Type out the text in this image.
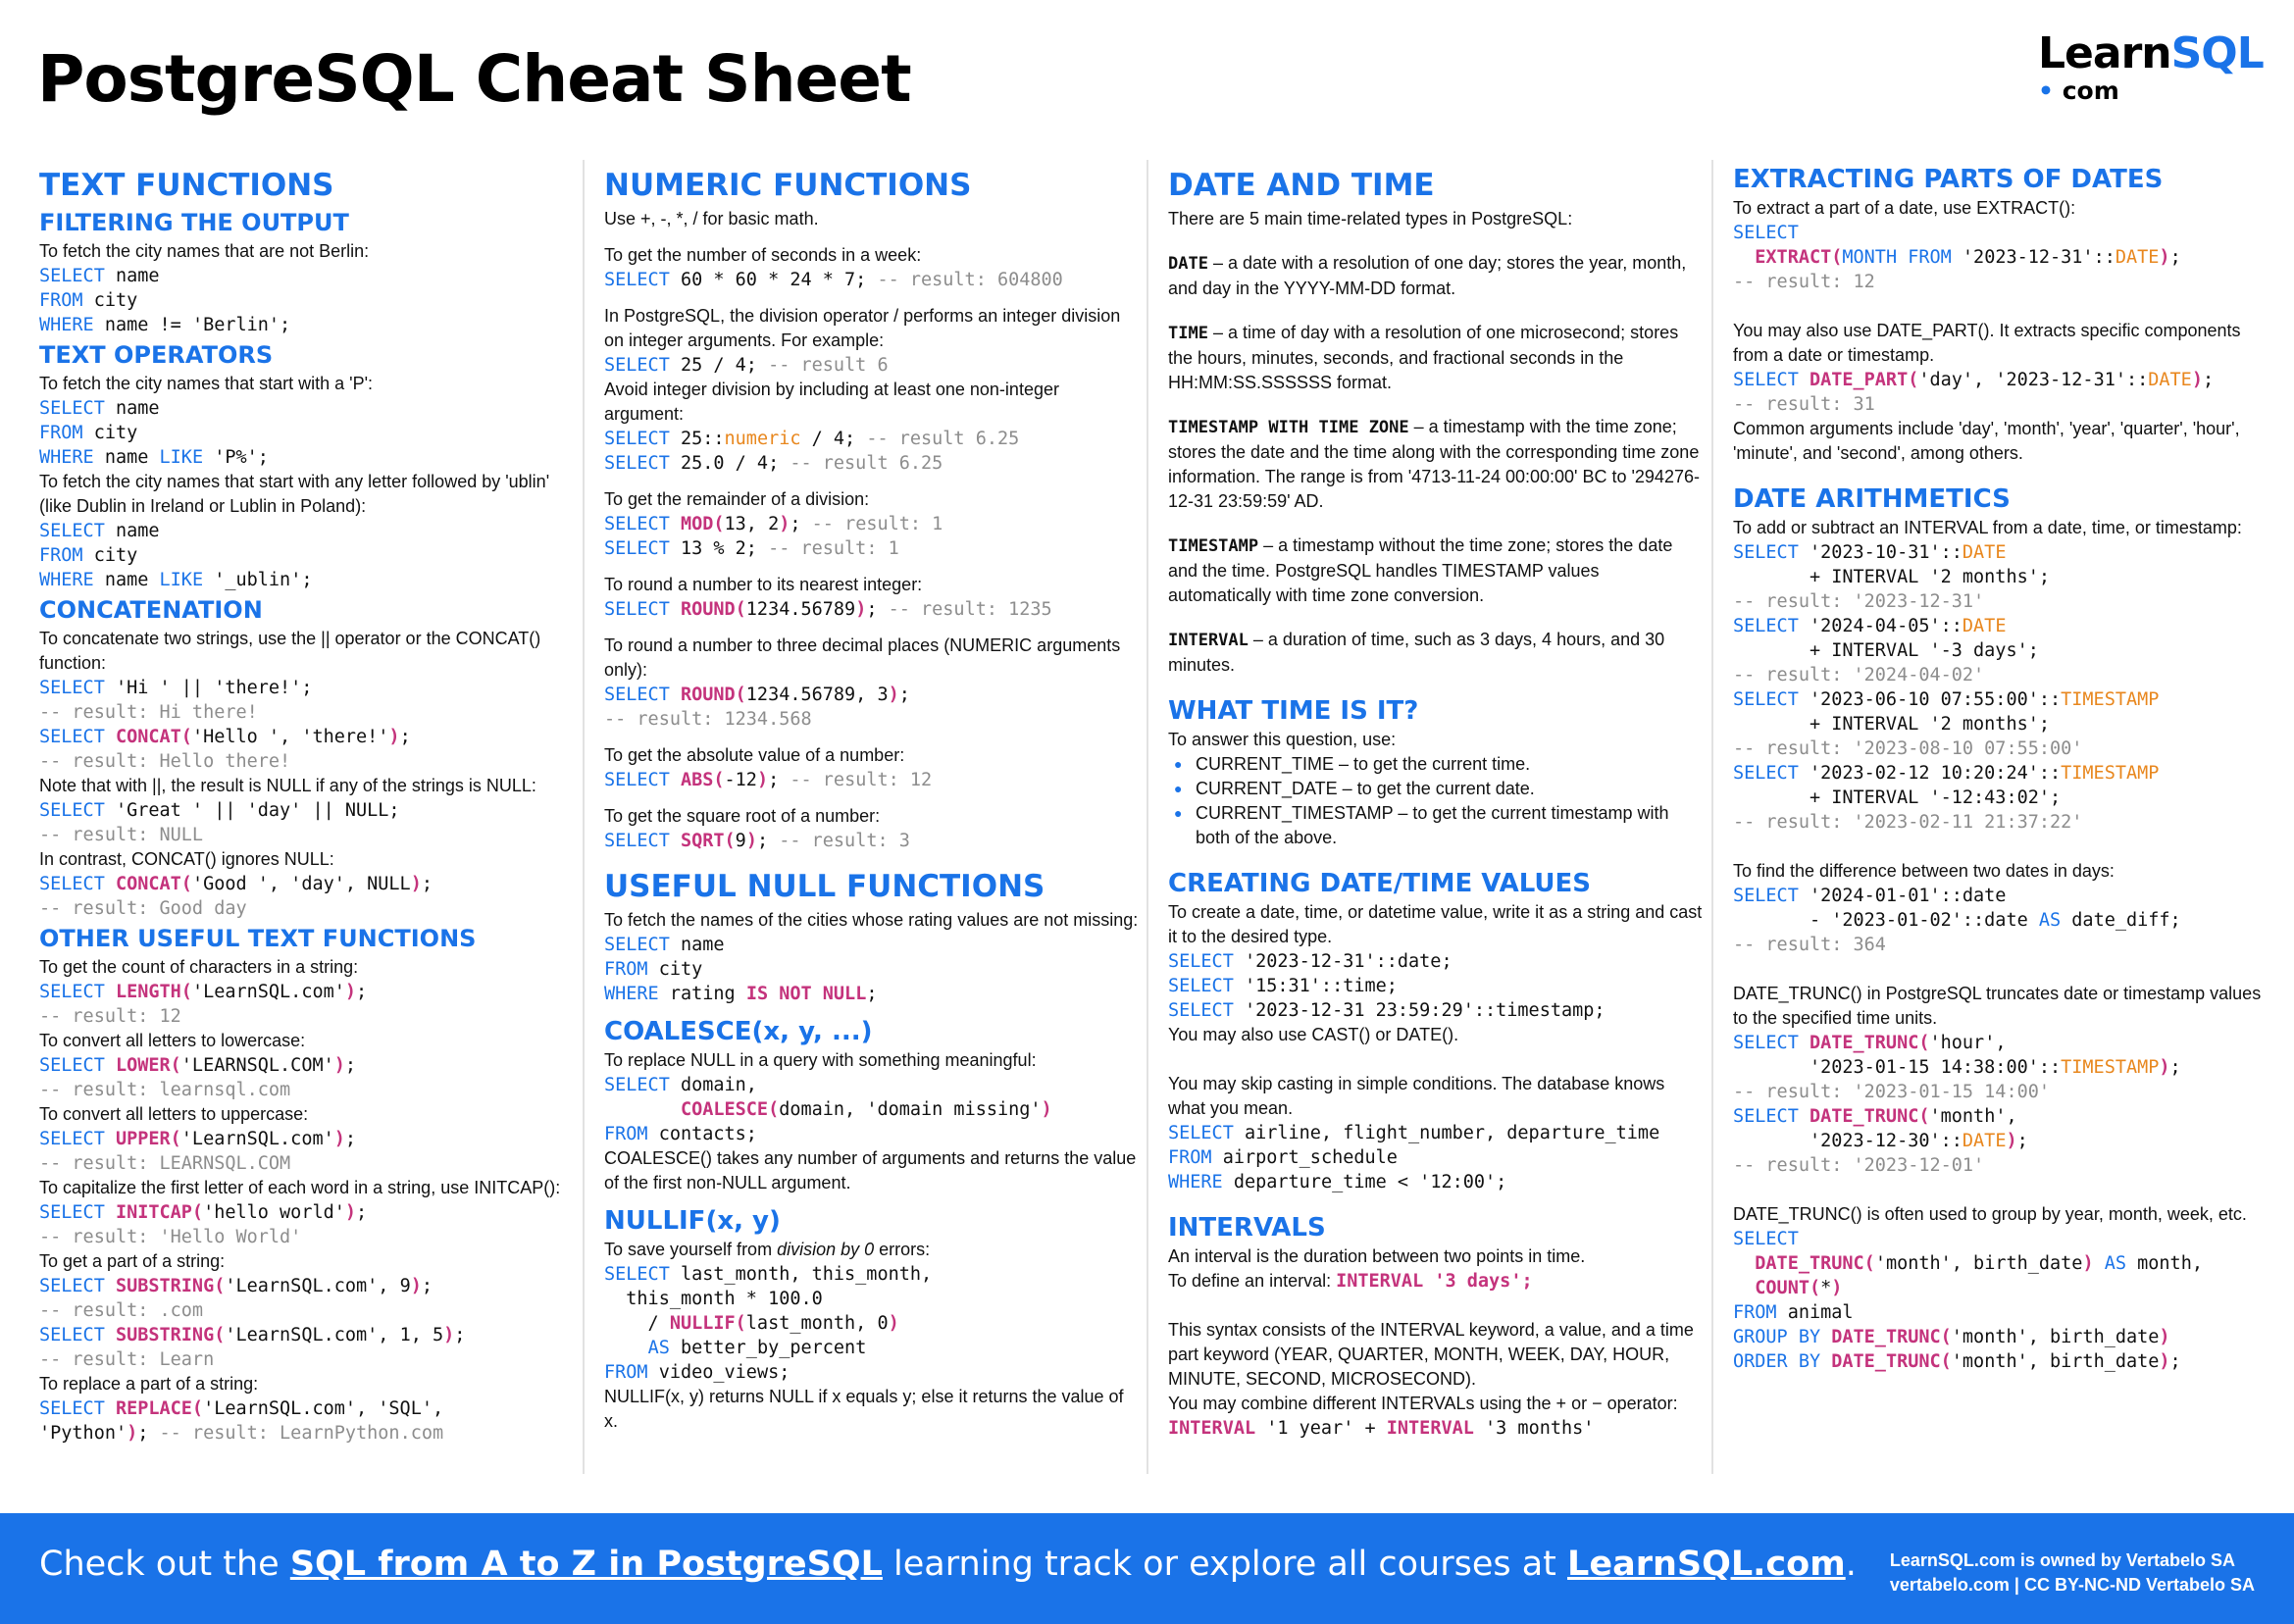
PostgreSQL Cheat Sheet	LearnSQL
• com
TEXT FUNCTIONS
FILTERING THE OUTPUT
To fetch the city names that are not Berlin:
SELECT name
FROM city
WHERE name != 'Berlin';
TEXT OPERATORS
To fetch the city names that start with a 'P':
SELECT name
FROM city
WHERE name LIKE 'P%';
To fetch the city names that start with any letter followed by 'ublin' (like Dublin in Ireland or Lublin in Poland):
SELECT name
FROM city
WHERE name LIKE '_ublin';
CONCATENATION
To concatenate two strings, use the || operator or the CONCAT() function:
SELECT 'Hi ' || 'there!';
-- result: Hi there!
SELECT CONCAT('Hello ', 'there!');
-- result: Hello there!
Note that with ||, the result is NULL if any of the strings is NULL:
SELECT 'Great ' || 'day' || NULL;
-- result: NULL
In contrast, CONCAT() ignores NULL:
SELECT CONCAT('Good ', 'day', NULL);
-- result: Good day
OTHER USEFUL TEXT FUNCTIONS
To get the count of characters in a string:
SELECT LENGTH('LearnSQL.com');
-- result: 12
To convert all letters to lowercase:
SELECT LOWER('LEARNSQL.COM');
-- result: learnsql.com
To convert all letters to uppercase:
SELECT UPPER('LearnSQL.com');
-- result: LEARNSQL.COM
To capitalize the first letter of each word in a string, use INITCAP():
SELECT INITCAP('hello world');
-- result: 'Hello World'
To get a part of a string:
SELECT SUBSTRING('LearnSQL.com', 9);
-- result: .com
SELECT SUBSTRING('LearnSQL.com', 1, 5);
-- result: Learn
To replace a part of a string:
SELECT REPLACE('LearnSQL.com', 'SQL',
'Python'); -- result: LearnPython.com
NUMERIC FUNCTIONS
Use +, -, *, / for basic math.
To get the number of seconds in a week:
SELECT 60 * 60 * 24 * 7; -- result: 604800
In PostgreSQL, the division operator / performs an integer division on integer arguments. For example:
SELECT 25 / 4; -- result 6
Avoid integer division by including at least one non-integer argument:
SELECT 25::numeric / 4; -- result 6.25
SELECT 25.0 / 4; -- result 6.25
To get the remainder of a division:
SELECT MOD(13, 2); -- result: 1
SELECT 13 % 2; -- result: 1
To round a number to its nearest integer:
SELECT ROUND(1234.56789); -- result: 1235
To round a number to three decimal places (NUMERIC arguments only):
SELECT ROUND(1234.56789, 3);
-- result: 1234.568
To get the absolute value of a number:
SELECT ABS(-12); -- result: 12
To get the square root of a number:
SELECT SQRT(9); -- result: 3
USEFUL NULL FUNCTIONS
To fetch the names of the cities whose rating values are not missing:
SELECT name
FROM city
WHERE rating IS NOT NULL;
COALESCE(x, y, ...)
To replace NULL in a query with something meaningful:
SELECT domain,
COALESCE(domain, 'domain missing')
FROM contacts;
COALESCE() takes any number of arguments and returns the value of the first non-NULL argument.
NULLIF(x, y)
To save yourself from division by 0 errors:
SELECT last_month, this_month,
this_month * 100.0
/ NULLIF(last_month, 0)
AS better_by_percent
FROM video_views;
NULLIF(x, y) returns NULL if x equals y; else it returns the value of x.
DATE AND TIME
There are 5 main time-related types in PostgreSQL:
DATE – a date with a resolution of one day; stores the year, month, and day in the YYYY-MM-DD format.
TIME – a time of day with a resolution of one microsecond; stores the hours, minutes, seconds, and fractional seconds in the HH:MM:SS.SSSSSS format.
TIMESTAMP WITH TIME ZONE – a timestamp with the time zone; stores the date and the time along with the corresponding time zone information. The range is from '4713-11-24 00:00:00' BC to '294276-12-31 23:59:59' AD.
TIMESTAMP – a timestamp without the time zone; stores the date and the time. PostgreSQL handles TIMESTAMP values automatically with time zone conversion.
INTERVAL – a duration of time, such as 3 days, 4 hours, and 30 minutes.
WHAT TIME IS IT?
To answer this question, use:
● CURRENT_TIME – to get the current time.
● CURRENT_DATE – to get the current date.
● CURRENT_TIMESTAMP – to get the current timestamp with both of the above.
CREATING DATE/TIME VALUES
To create a date, time, or datetime value, write it as a string and cast it to the desired type.
SELECT '2023-12-31'::date;
SELECT '15:31'::time;
SELECT '2023-12-31 23:59:29'::timestamp;
You may also use CAST() or DATE().
You may skip casting in simple conditions. The database knows what you mean.
SELECT airline, flight_number, departure_time
FROM airport_schedule
WHERE departure_time < '12:00';
INTERVALS
An interval is the duration between two points in time.
To define an interval: INTERVAL '3 days';
This syntax consists of the INTERVAL keyword, a value, and a time part keyword (YEAR, QUARTER, MONTH, WEEK, DAY, HOUR, MINUTE, SECOND, MICROSECOND).
You may combine different INTERVALs using the + or − operator:
INTERVAL '1 year' + INTERVAL '3 months'
EXTRACTING PARTS OF DATES
To extract a part of a date, use EXTRACT():
SELECT
EXTRACT(MONTH FROM '2023-12-31'::DATE);
-- result: 12
You may also use DATE_PART(). It extracts specific components from a date or timestamp.
SELECT DATE_PART('day', '2023-12-31'::DATE);
-- result: 31
Common arguments include 'day', 'month', 'year', 'quarter', 'hour', 'minute', and 'second', among others.
DATE ARITHMETICS
To add or subtract an INTERVAL from a date, time, or timestamp:
SELECT '2023-10-31'::DATE
+ INTERVAL '2 months';
-- result: '2023-12-31'
SELECT '2024-04-05'::DATE
+ INTERVAL '-3 days';
-- result: '2024-04-02'
SELECT '2023-06-10 07:55:00'::TIMESTAMP
+ INTERVAL '2 months';
-- result: '2023-08-10 07:55:00'
SELECT '2023-02-12 10:20:24'::TIMESTAMP
+ INTERVAL '-12:43:02';
-- result: '2023-02-11 21:37:22'
To find the difference between two dates in days:
SELECT '2024-01-01'::date
- '2023-01-02'::date AS date_diff;
-- result: 364
DATE_TRUNC() in PostgreSQL truncates date or timestamp values to the specified time units.
SELECT DATE_TRUNC('hour',
'2023-01-15 14:38:00'::TIMESTAMP);
-- result: '2023-01-15 14:00'
SELECT DATE_TRUNC('month',
'2023-12-30'::DATE);
-- result: '2023-12-01'
DATE_TRUNC() is often used to group by year, month, week, etc.
SELECT
DATE_TRUNC('month', birth_date) AS month,
COUNT(*)
FROM animal
GROUP BY DATE_TRUNC('month', birth_date)
ORDER BY DATE_TRUNC('month', birth_date);
Check out the SQL from A to Z in PostgreSQL learning track or explore all courses at LearnSQL.com. LearnSQL.com is owned by Vertabelo SA
vertabelo.com | CC BY-NC-ND Vertabelo SA
